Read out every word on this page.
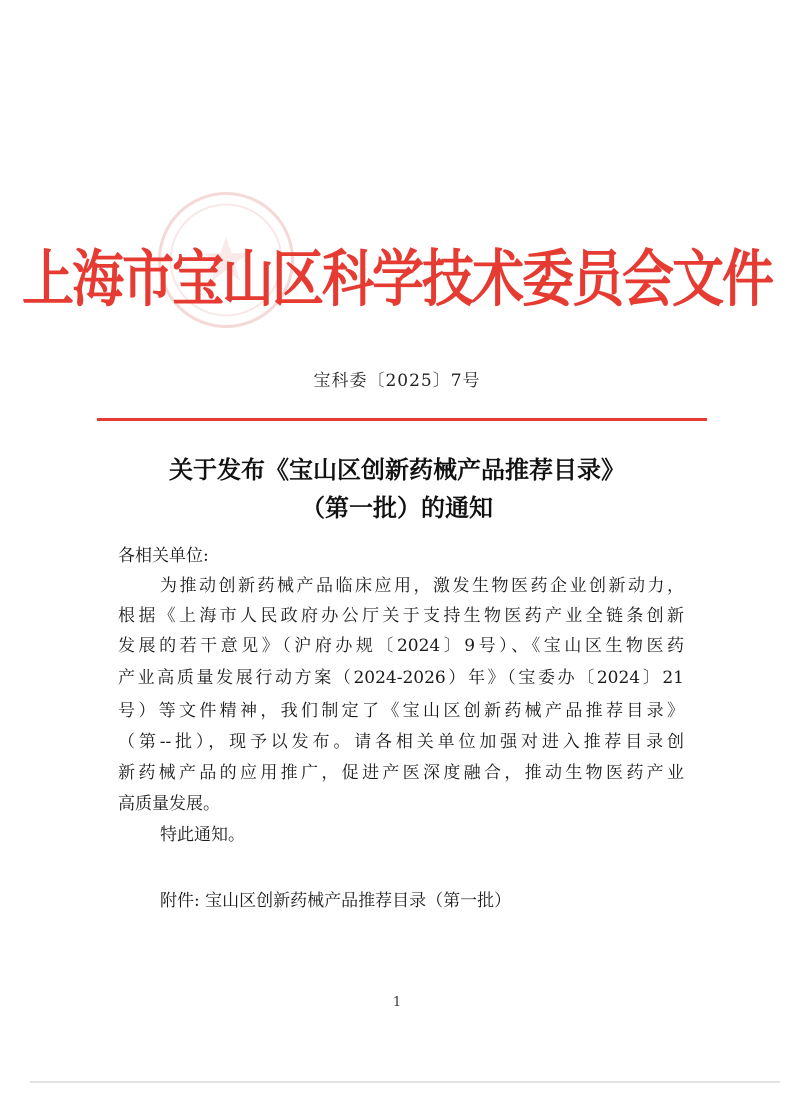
上海市宝山区科学技术委员会文件
宝科委〔2025〕7号
关于发布《宝山区创新药械产品推荐目录》
（第一批）的通知
各相关单位:
为推动创新药械产品临床应用，激发生物医药企业创新动力，
根据《上海市人民政府办公厅关于支持生物医药产业全链条创新
发展的若干意见》（沪府办规〔2024〕9号）、《宝山区生物医药
产业高质量发展行动方案（2024-2026）年》（宝委办〔2024〕21
号）等文件精神，我们制定了《宝山区创新药械产品推荐目录》
（第--批），现予以发布。请各相关单位加强对进入推荐目录创
新药械产品的应用推广，促进产医深度融合，推动生物医药产业
高质量发展。
特此通知。
附件: 宝山区创新药械产品推荐目录（第一批）
1
